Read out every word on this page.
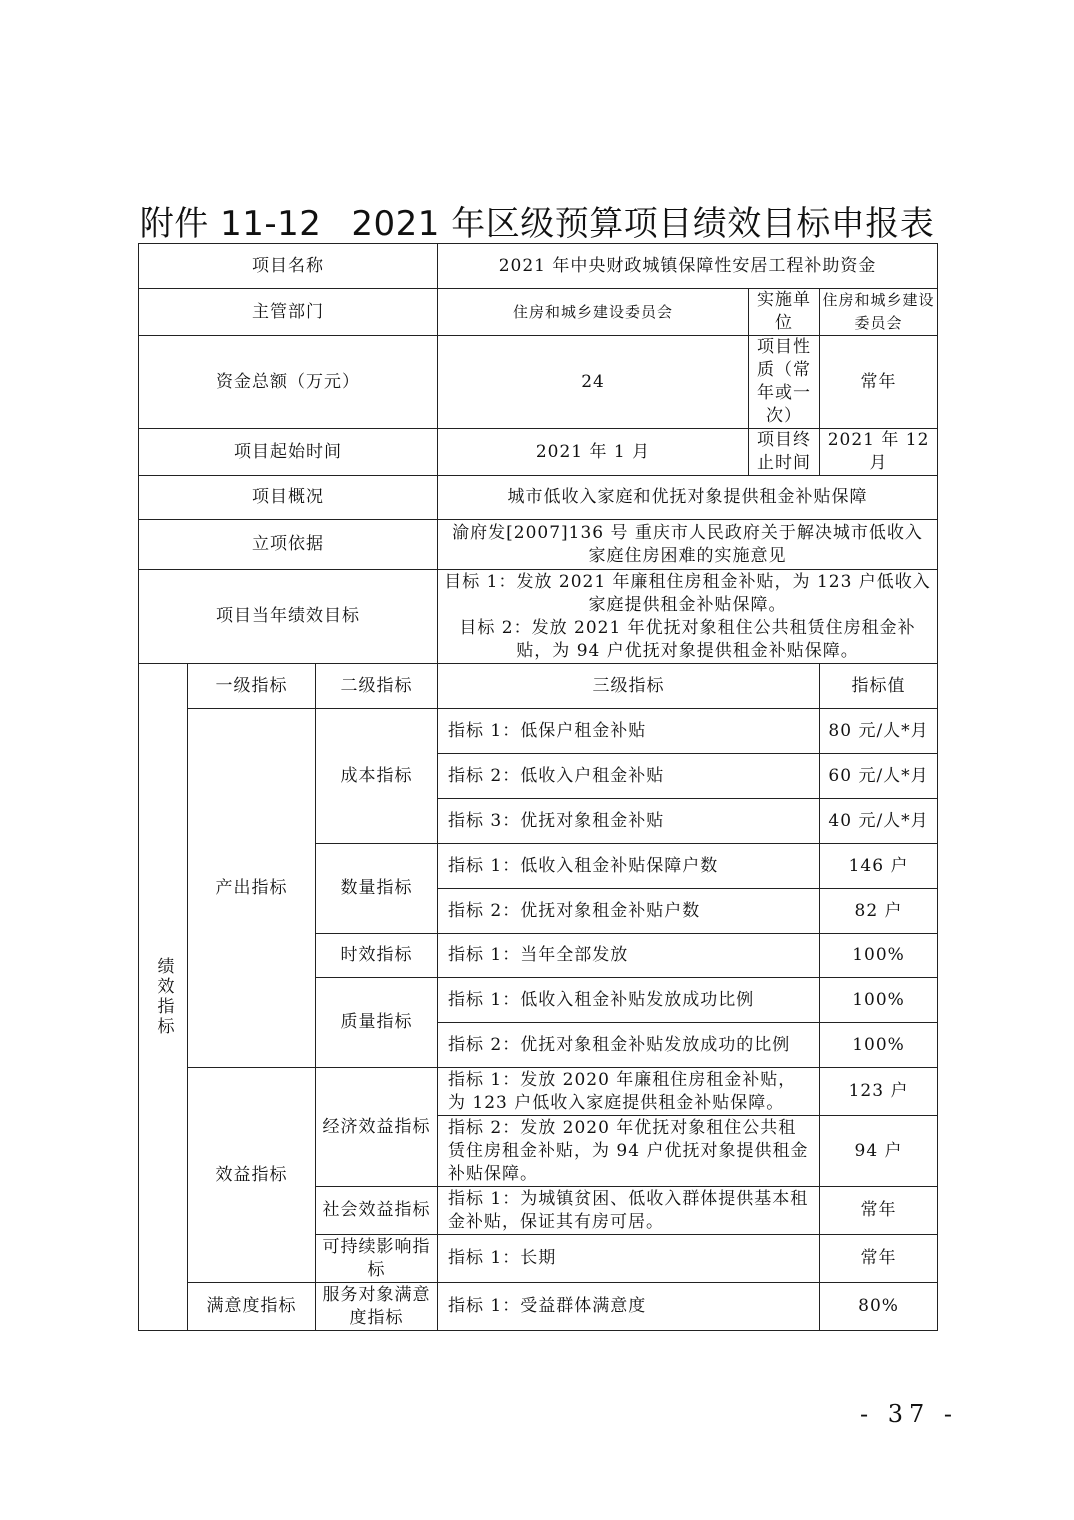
附件 11-12 2021 年区级预算项目绩效目标申报表
项目名称			2021 年中央财政城镇保障性安居工程补助资金		
主管部门			住房和城乡建设委员会	实施单位	住房和城乡建设委员会
资金总额（万元）			24	项目性质（常年或一次）	常年
项目起始时间			2021 年 1 月	项目终止时间	2021 年 12 月
项目概况			城市低收入家庭和优抚对象提供租金补贴保障		
立项依据			渝府发[2007]136 号 重庆市人民政府关于解决城市低收入家庭住房困难的实施意见		
项目当年绩效目标			目标 1：发放 2021 年廉租住房租金补贴，为 123 户低收入家庭提供租金补贴保障。
目标 2：发放 2021 年优抚对象租住公共租赁住房租金补贴，为 94 户优抚对象提供租金补贴保障。		

绩效指标	一级指标	二级指标	三级指标		指标值
	产出指标	成本指标	指标 1：低保户租金补贴		80 元/人*月
			指标 2：低收入户租金补贴		60 元/人*月
			指标 3：优抚对象租金补贴		40 元/人*月
		数量指标	指标 1：低收入租金补贴保障户数		146 户
			指标 2：优抚对象租金补贴户数		82 户
		时效指标	指标 1：当年全部发放		100%
		质量指标	指标 1：低收入租金补贴发放成功比例		100%
			指标 2：优抚对象租金补贴发放成功的比例		100%
	效益指标	经济效益指标	指标 1：发放 2020 年廉租住房租金补贴，为 123 户低收入家庭提供租金补贴保障。		123 户
			指标 2：发放 2020 年优抚对象租住公共租赁住房租金补贴，为 94 户优抚对象提供租金补贴保障。		94 户
		社会效益指标	指标 1：为城镇贫困、低收入群体提供基本租金补贴，保证其有房可居。		常年
		可持续影响指标	指标 1：长期		常年
	满意度指标	服务对象满意度指标	指标 1：受益群体满意度		80%
- 37 -
